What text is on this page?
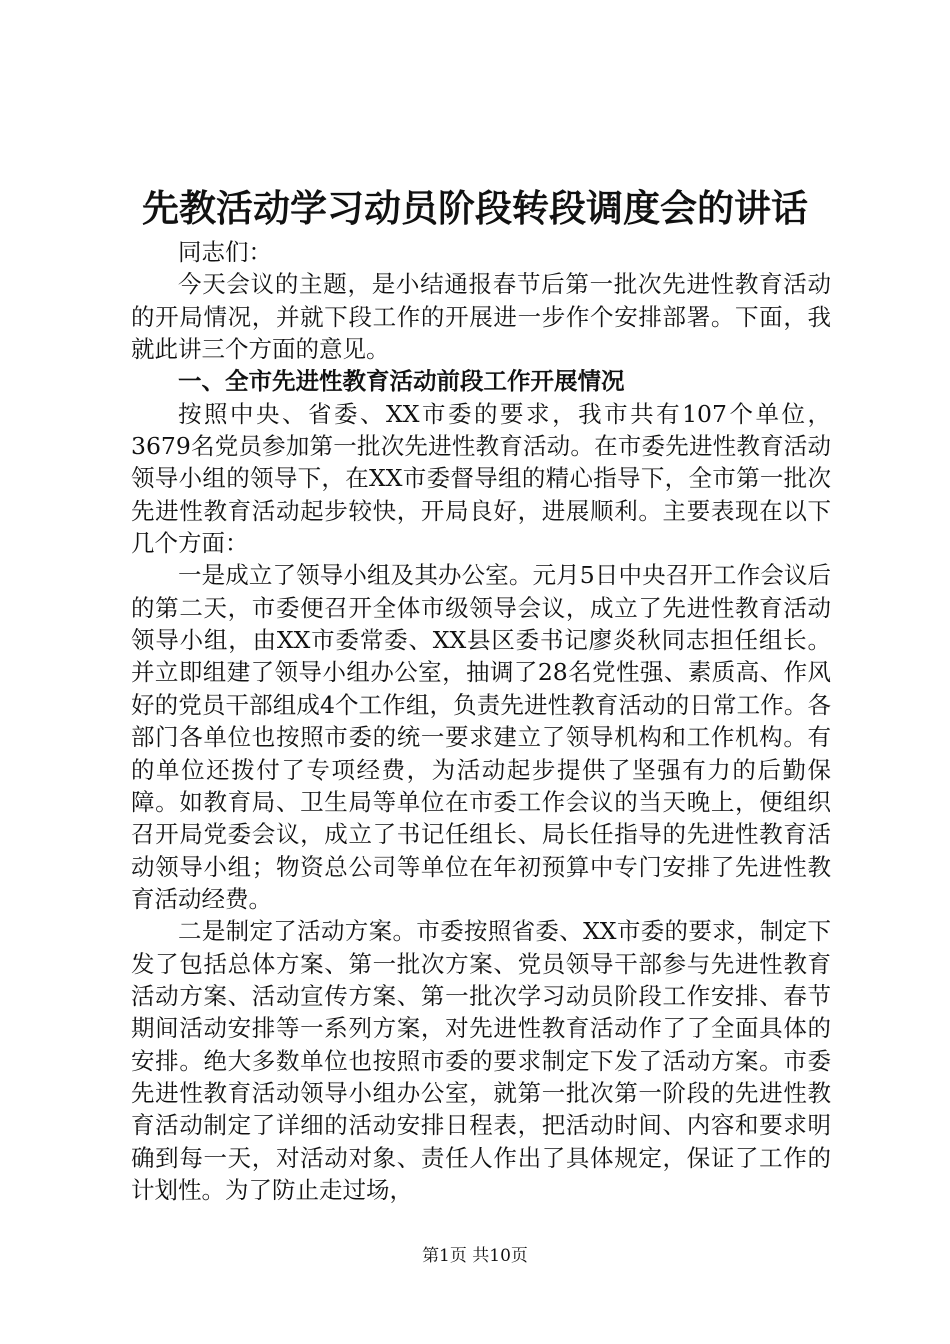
先教活动学习动员阶段转段调度会的讲话

同志们：

今天会议的主题，是小结通报春节后第一批次先进性教育活动的开局情况，并就下段工作的开展进一步作个安排部署。下面，我就此讲三个方面的意见。

一、全市先进性教育活动前段工作开展情况

按照中央、省委、XX市委的要求，我市共有107个单位，3679名党员参加第一批次先进性教育活动。在市委先进性教育活动领导小组的领导下，在XX市委督导组的精心指导下，全市第一批次先进性教育活动起步较快，开局良好，进展顺利。主要表现在以下几个方面：

一是成立了领导小组及其办公室。元月5日中央召开工作会议后的第二天，市委便召开全体市级领导会议，成立了先进性教育活动领导小组，由XX市委常委、XX县区委书记廖炎秋同志担任组长。并立即组建了领导小组办公室，抽调了28名党性强、素质高、作风好的党员干部组成4个工作组，负责先进性教育活动的日常工作。各部门各单位也按照市委的统一要求建立了领导机构和工作机构。有的单位还拨付了专项经费，为活动起步提供了坚强有力的后勤保障。如教育局、卫生局等单位在市委工作会议的当天晚上，便组织召开局党委会议，成立了书记任组长、局长任指导的先进性教育活动领导小组；物资总公司等单位在年初预算中专门安排了先进性教育活动经费。

二是制定了活动方案。市委按照省委、XX市委的要求，制定下发了包括总体方案、第一批次方案、党员领导干部参与先进性教育活动方案、活动宣传方案、第一批次学习动员阶段工作安排、春节期间活动安排等一系列方案，对先进性教育活动作了了全面具体的安排。绝大多数单位也按照市委的要求制定下发了活动方案。市委先进性教育活动领导小组办公室，就第一批次第一阶段的先进性教育活动制定了详细的活动安排日程表，把活动时间、内容和要求明确到每一天，对活动对象、责任人作出了具体规定，保证了工作的计划性。为了防止走过场，

第1页 共10页
